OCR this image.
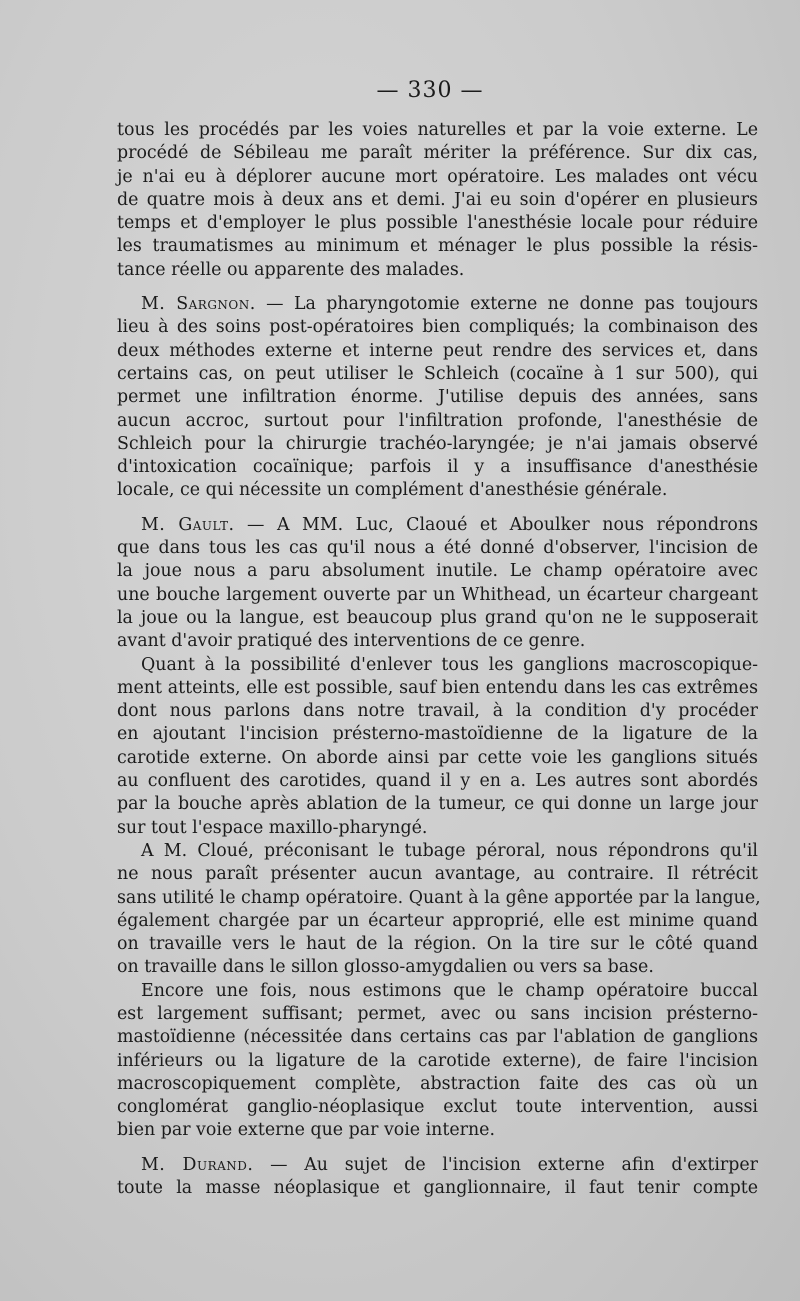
— 330 —

tous les procédés par les voies naturelles et par la voie externe. Le
procédé de Sébileau me paraît mériter la préférence. Sur dix cas,
je n'ai eu à déplorer aucune mort opératoire. Les malades ont vécu
de quatre mois à deux ans et demi. J'ai eu soin d'opérer en plusieurs
temps et d'employer le plus possible l'anesthésie locale pour réduire
les traumatismes au minimum et ménager le plus possible la résis-
tance réelle ou apparente des malades.

M. Sargnon. — La pharyngotomie externe ne donne pas toujours
lieu à des soins post-opératoires bien compliqués; la combinaison des
deux méthodes externe et interne peut rendre des services et, dans
certains cas, on peut utiliser le Schleich (cocaïne à 1 sur 500), qui
permet une infiltration énorme. J'utilise depuis des années, sans
aucun accroc, surtout pour l'infiltration profonde, l'anesthésie de
Schleich pour la chirurgie trachéo-laryngée; je n'ai jamais observé
d'intoxication cocaïnique; parfois il y a insuffisance d'anesthésie
locale, ce qui nécessite un complément d'anesthésie générale.

M. Gault. — A MM. Luc, Claoué et Aboulker nous répondrons
que dans tous les cas qu'il nous a été donné d'observer, l'incision de
la joue nous a paru absolument inutile. Le champ opératoire avec
une bouche largement ouverte par un Whithead, un écarteur chargeant
la joue ou la langue, est beaucoup plus grand qu'on ne le supposerait
avant d'avoir pratiqué des interventions de ce genre.

Quant à la possibilité d'enlever tous les ganglions macroscopique-
ment atteints, elle est possible, sauf bien entendu dans les cas extrêmes
dont nous parlons dans notre travail, à la condition d'y procéder
en ajoutant l'incision présterno-mastoïdienne de la ligature de la
carotide externe. On aborde ainsi par cette voie les ganglions situés
au confluent des carotides, quand il y en a. Les autres sont abordés
par la bouche après ablation de la tumeur, ce qui donne un large jour
sur tout l'espace maxillo-pharyngé.

A M. Cloué, préconisant le tubage péroral, nous répondrons qu'il
ne nous paraît présenter aucun avantage, au contraire. Il rétrécit
sans utilité le champ opératoire. Quant à la gêne apportée par la langue,
également chargée par un écarteur approprié, elle est minime quand
on travaille vers le haut de la région. On la tire sur le côté quand
on travaille dans le sillon glosso-amygdalien ou vers sa base.

Encore une fois, nous estimons que le champ opératoire buccal
est largement suffisant; permet, avec ou sans incision présterno-
mastoïdienne (nécessitée dans certains cas par l'ablation de ganglions
inférieurs ou la ligature de la carotide externe), de faire l'incision
macroscopiquement complète, abstraction faite des cas où un
conglomérat ganglio-néoplasique exclut toute intervention, aussi
bien par voie externe que par voie interne.

M. Durand. — Au sujet de l'incision externe afin d'extirper
toute la masse néoplasique et ganglionnaire, il faut tenir compte
